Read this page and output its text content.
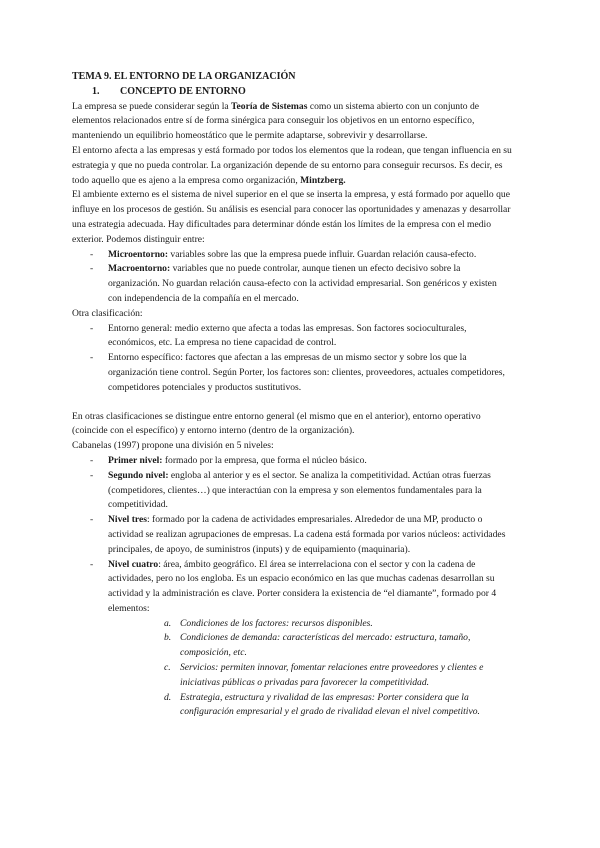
TEMA 9. EL ENTORNO DE LA ORGANIZACIÓN

1.	CONCEPTO DE ENTORNO

La empresa se puede considerar según la Teoría de Sistemas como un sistema abierto con un conjunto de elementos relacionados entre sí de forma sinérgica para conseguir los objetivos en un entorno específico, manteniendo un equilibrio homeostático que le permite adaptarse, sobrevivir y desarrollarse.

El entorno afecta a las empresas y está formado por todos los elementos que la rodean, que tengan influencia en su estrategia y que no pueda controlar. La organización depende de su entorno para conseguir recursos. Es decir, es todo aquello que es ajeno a la empresa como organización, Mintzberg.

El ambiente externo es el sistema de nivel superior en el que se inserta la empresa, y está formado por aquello que influye en los procesos de gestión. Su análisis es esencial para conocer las oportunidades y amenazas y desarrollar una estrategia adecuada. Hay dificultades para determinar dónde están los límites de la empresa con el medio exterior. Podemos distinguir entre:

- Microentorno: variables sobre las que la empresa puede influir. Guardan relación causa-efecto.
- Macroentorno: variables que no puede controlar, aunque tienen un efecto decisivo sobre la organización. No guardan relación causa-efecto con la actividad empresarial. Son genéricos y existen con independencia de la compañía en el mercado.

Otra clasificación:

- Entorno general: medio externo que afecta a todas las empresas. Son factores socioculturales, económicos, etc. La empresa no tiene capacidad de control.
- Entorno específico: factores que afectan a las empresas de un mismo sector y sobre los que la organización tiene control. Según Porter, los factores son: clientes, proveedores, actuales competidores, competidores potenciales y productos sustitutivos.

En otras clasificaciones se distingue entre entorno general (el mismo que en el anterior), entorno operativo (coincide con el específico) y entorno interno (dentro de la organización).

Cabanelas (1997) propone una división en 5 niveles:

- Primer nivel: formado por la empresa, que forma el núcleo básico.
- Segundo nivel: engloba al anterior y es el sector. Se analiza la competitividad. Actúan otras fuerzas (competidores, clientes…) que interactúan con la empresa y son elementos fundamentales para la competitividad.
- Nivel tres: formado por la cadena de actividades empresariales. Alrededor de una MP, producto o actividad se realizan agrupaciones de empresas. La cadena está formada por varios núcleos: actividades principales, de apoyo, de suministros (inputs) y de equipamiento (maquinaria).
- Nivel cuatro: área, ámbito geográfico. El área se interrelaciona con el sector y con la cadena de actividades, pero no los engloba. Es un espacio económico en las que muchas cadenas desarrollan su actividad y la administración es clave. Porter considera la existencia de “el diamante”, formado por 4 elementos:
a. Condiciones de los factores: recursos disponibles.
b. Condiciones de demanda: características del mercado: estructura, tamaño, composición, etc.
c. Servicios: permiten innovar, fomentar relaciones entre proveedores y clientes e iniciativas públicas o privadas para favorecer la competitividad.
d. Estrategia, estructura y rivalidad de las empresas: Porter considera que la configuración empresarial y el grado de rivalidad elevan el nivel competitivo.
